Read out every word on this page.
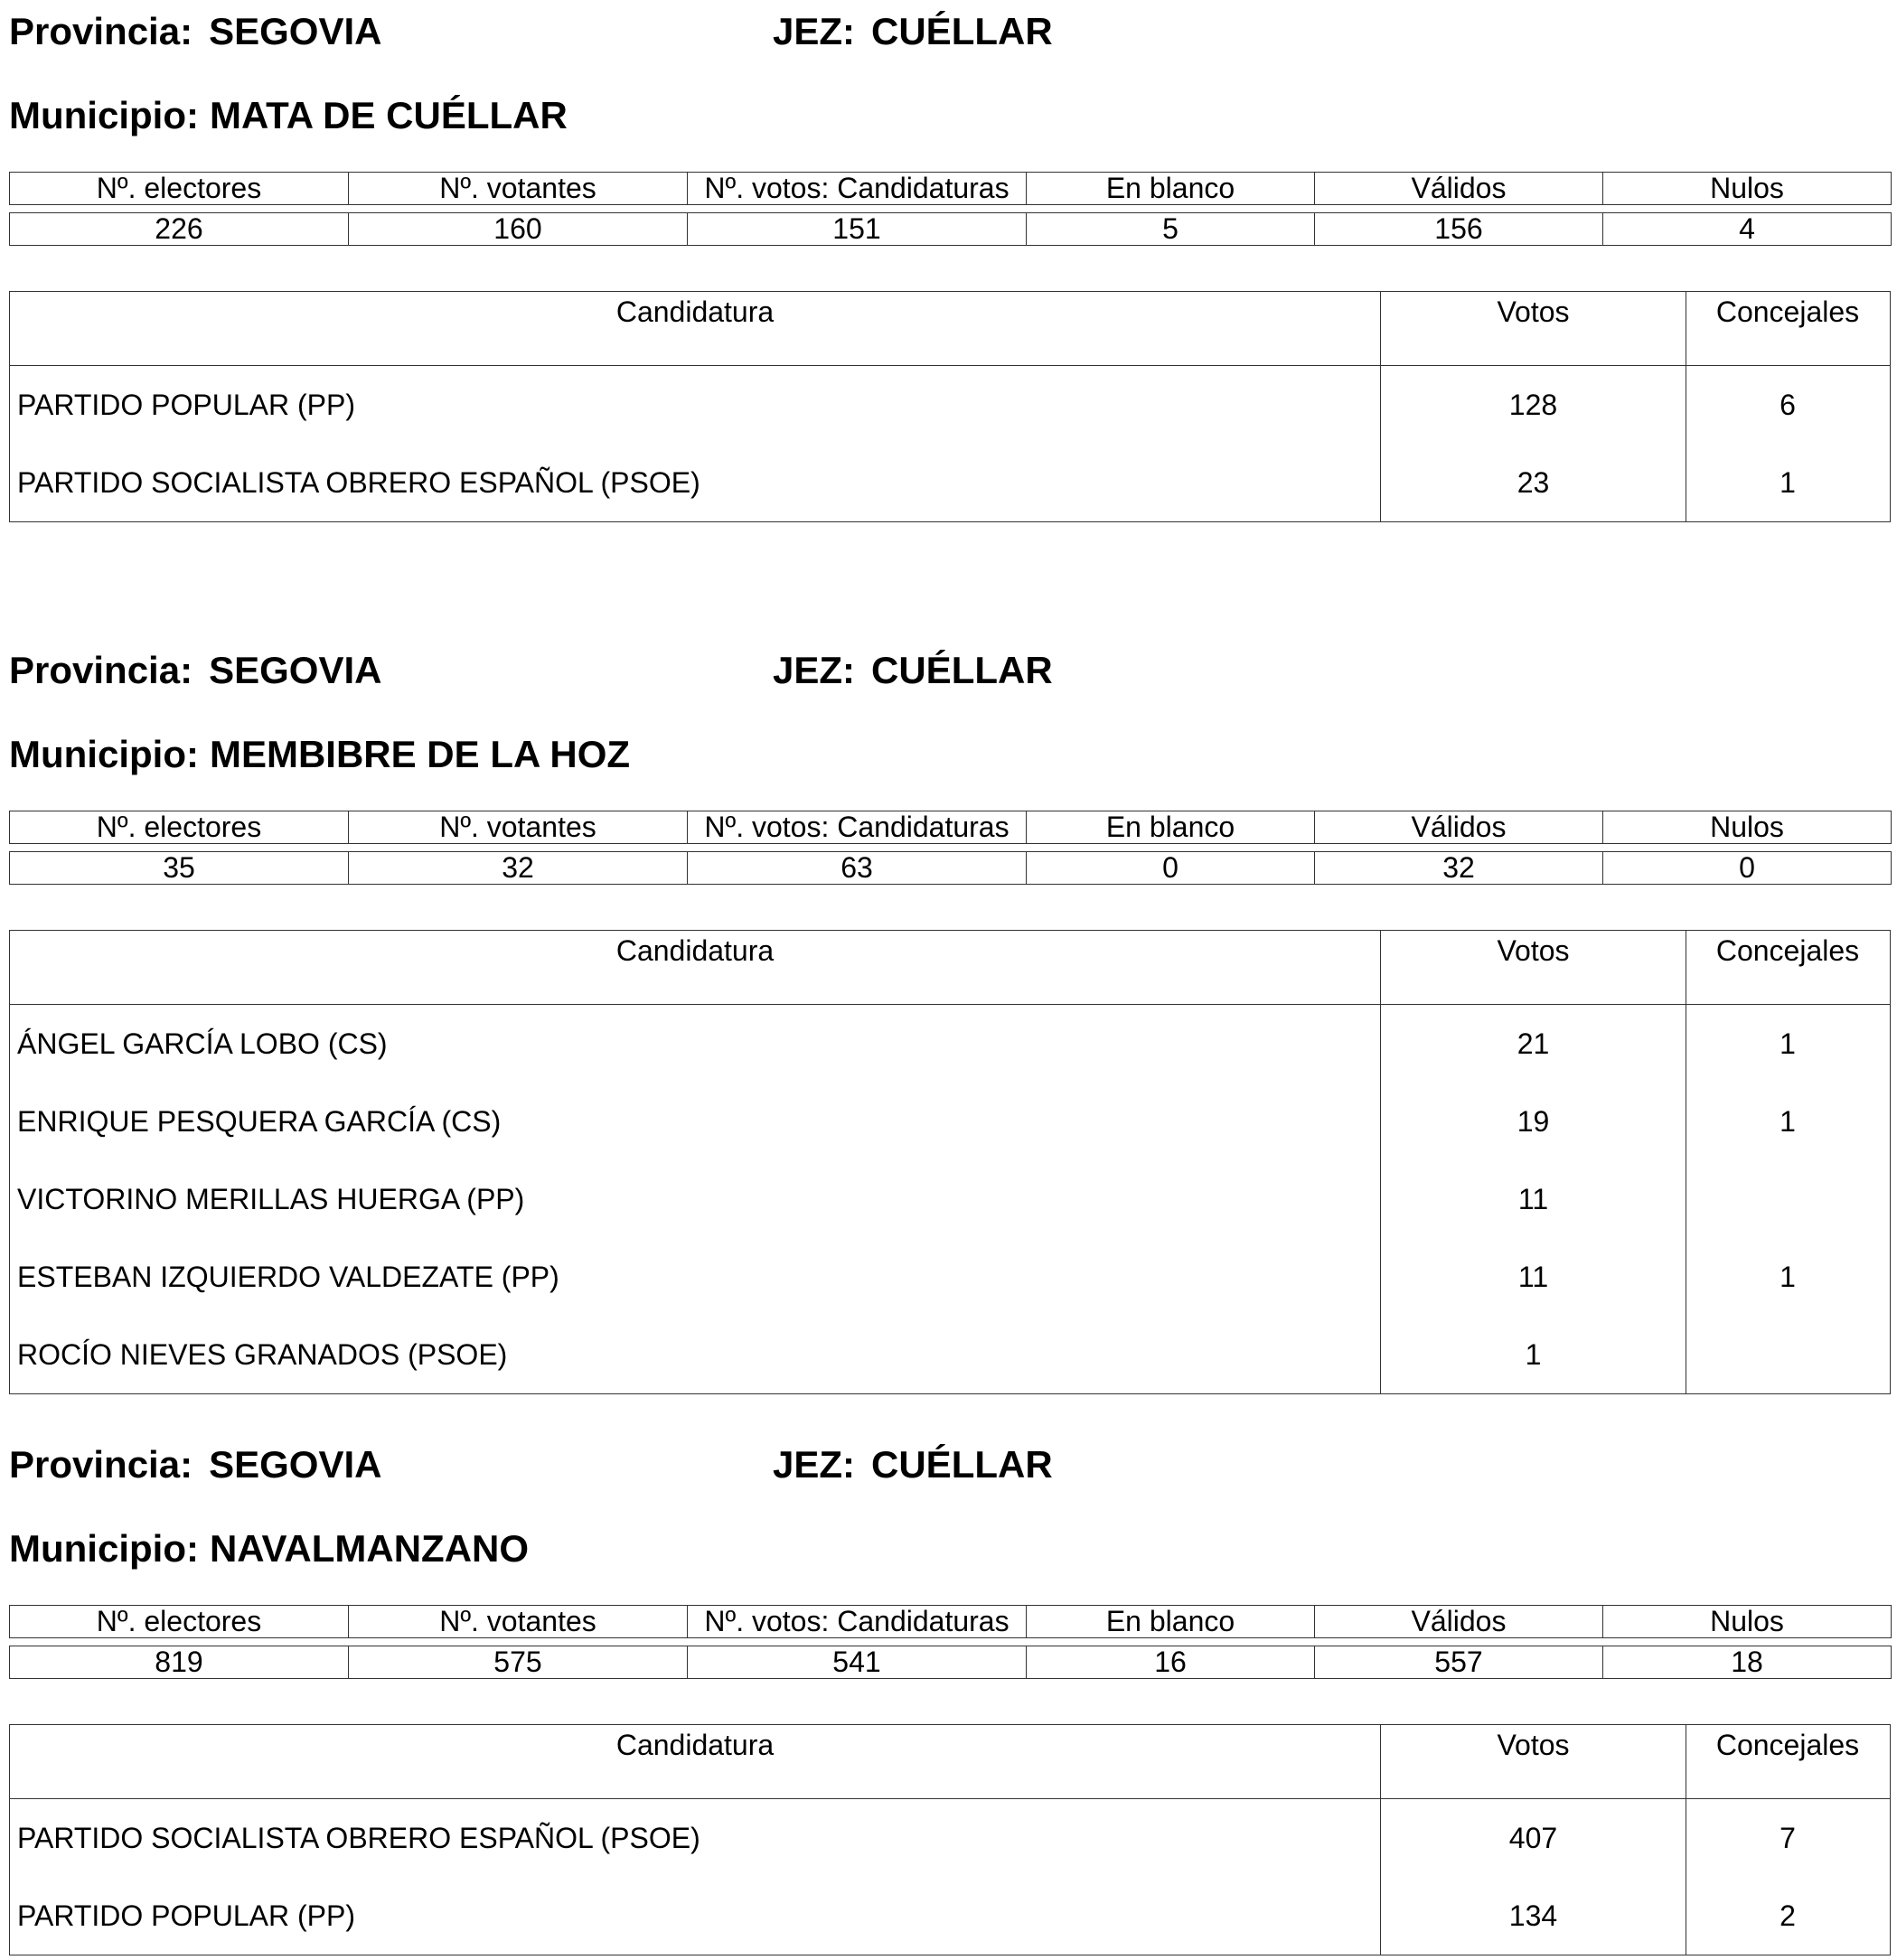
Provincia: SEGOVIA	JEZ: CUÉLLAR
Municipio: MATA DE CUÉLLAR
Nº. electores	Nº. votantes	Nº. votos: Candidaturas	En blanco	Válidos	Nulos

226	160	151	5	156	4
Candidatura	Votos	Concejales
PARTIDO POPULAR (PP)	128	6
PARTIDO SOCIALISTA OBRERO ESPAÑOL (PSOE)	23	1
Provincia: SEGOVIA	JEZ: CUÉLLAR
Municipio: MEMBIBRE DE LA HOZ
Nº. electores	Nº. votantes	Nº. votos: Candidaturas	En blanco	Válidos	Nulos

35	32	63	0	32	0
Candidatura	Votos	Concejales
ÁNGEL GARCÍA LOBO (CS)	21	1
ENRIQUE PESQUERA GARCÍA (CS)	19	1
VICTORINO MERILLAS HUERGA (PP)	11
ESTEBAN IZQUIERDO VALDEZATE (PP)	11	1
ROCÍO NIEVES GRANADOS (PSOE)	1
Provincia: SEGOVIA	JEZ: CUÉLLAR
Municipio: NAVALMANZANO
Nº. electores	Nº. votantes	Nº. votos: Candidaturas	En blanco	Válidos	Nulos

819	575	541	16	557	18
Candidatura	Votos	Concejales
PARTIDO SOCIALISTA OBRERO ESPAÑOL (PSOE)	407	7
PARTIDO POPULAR (PP)	134	2
